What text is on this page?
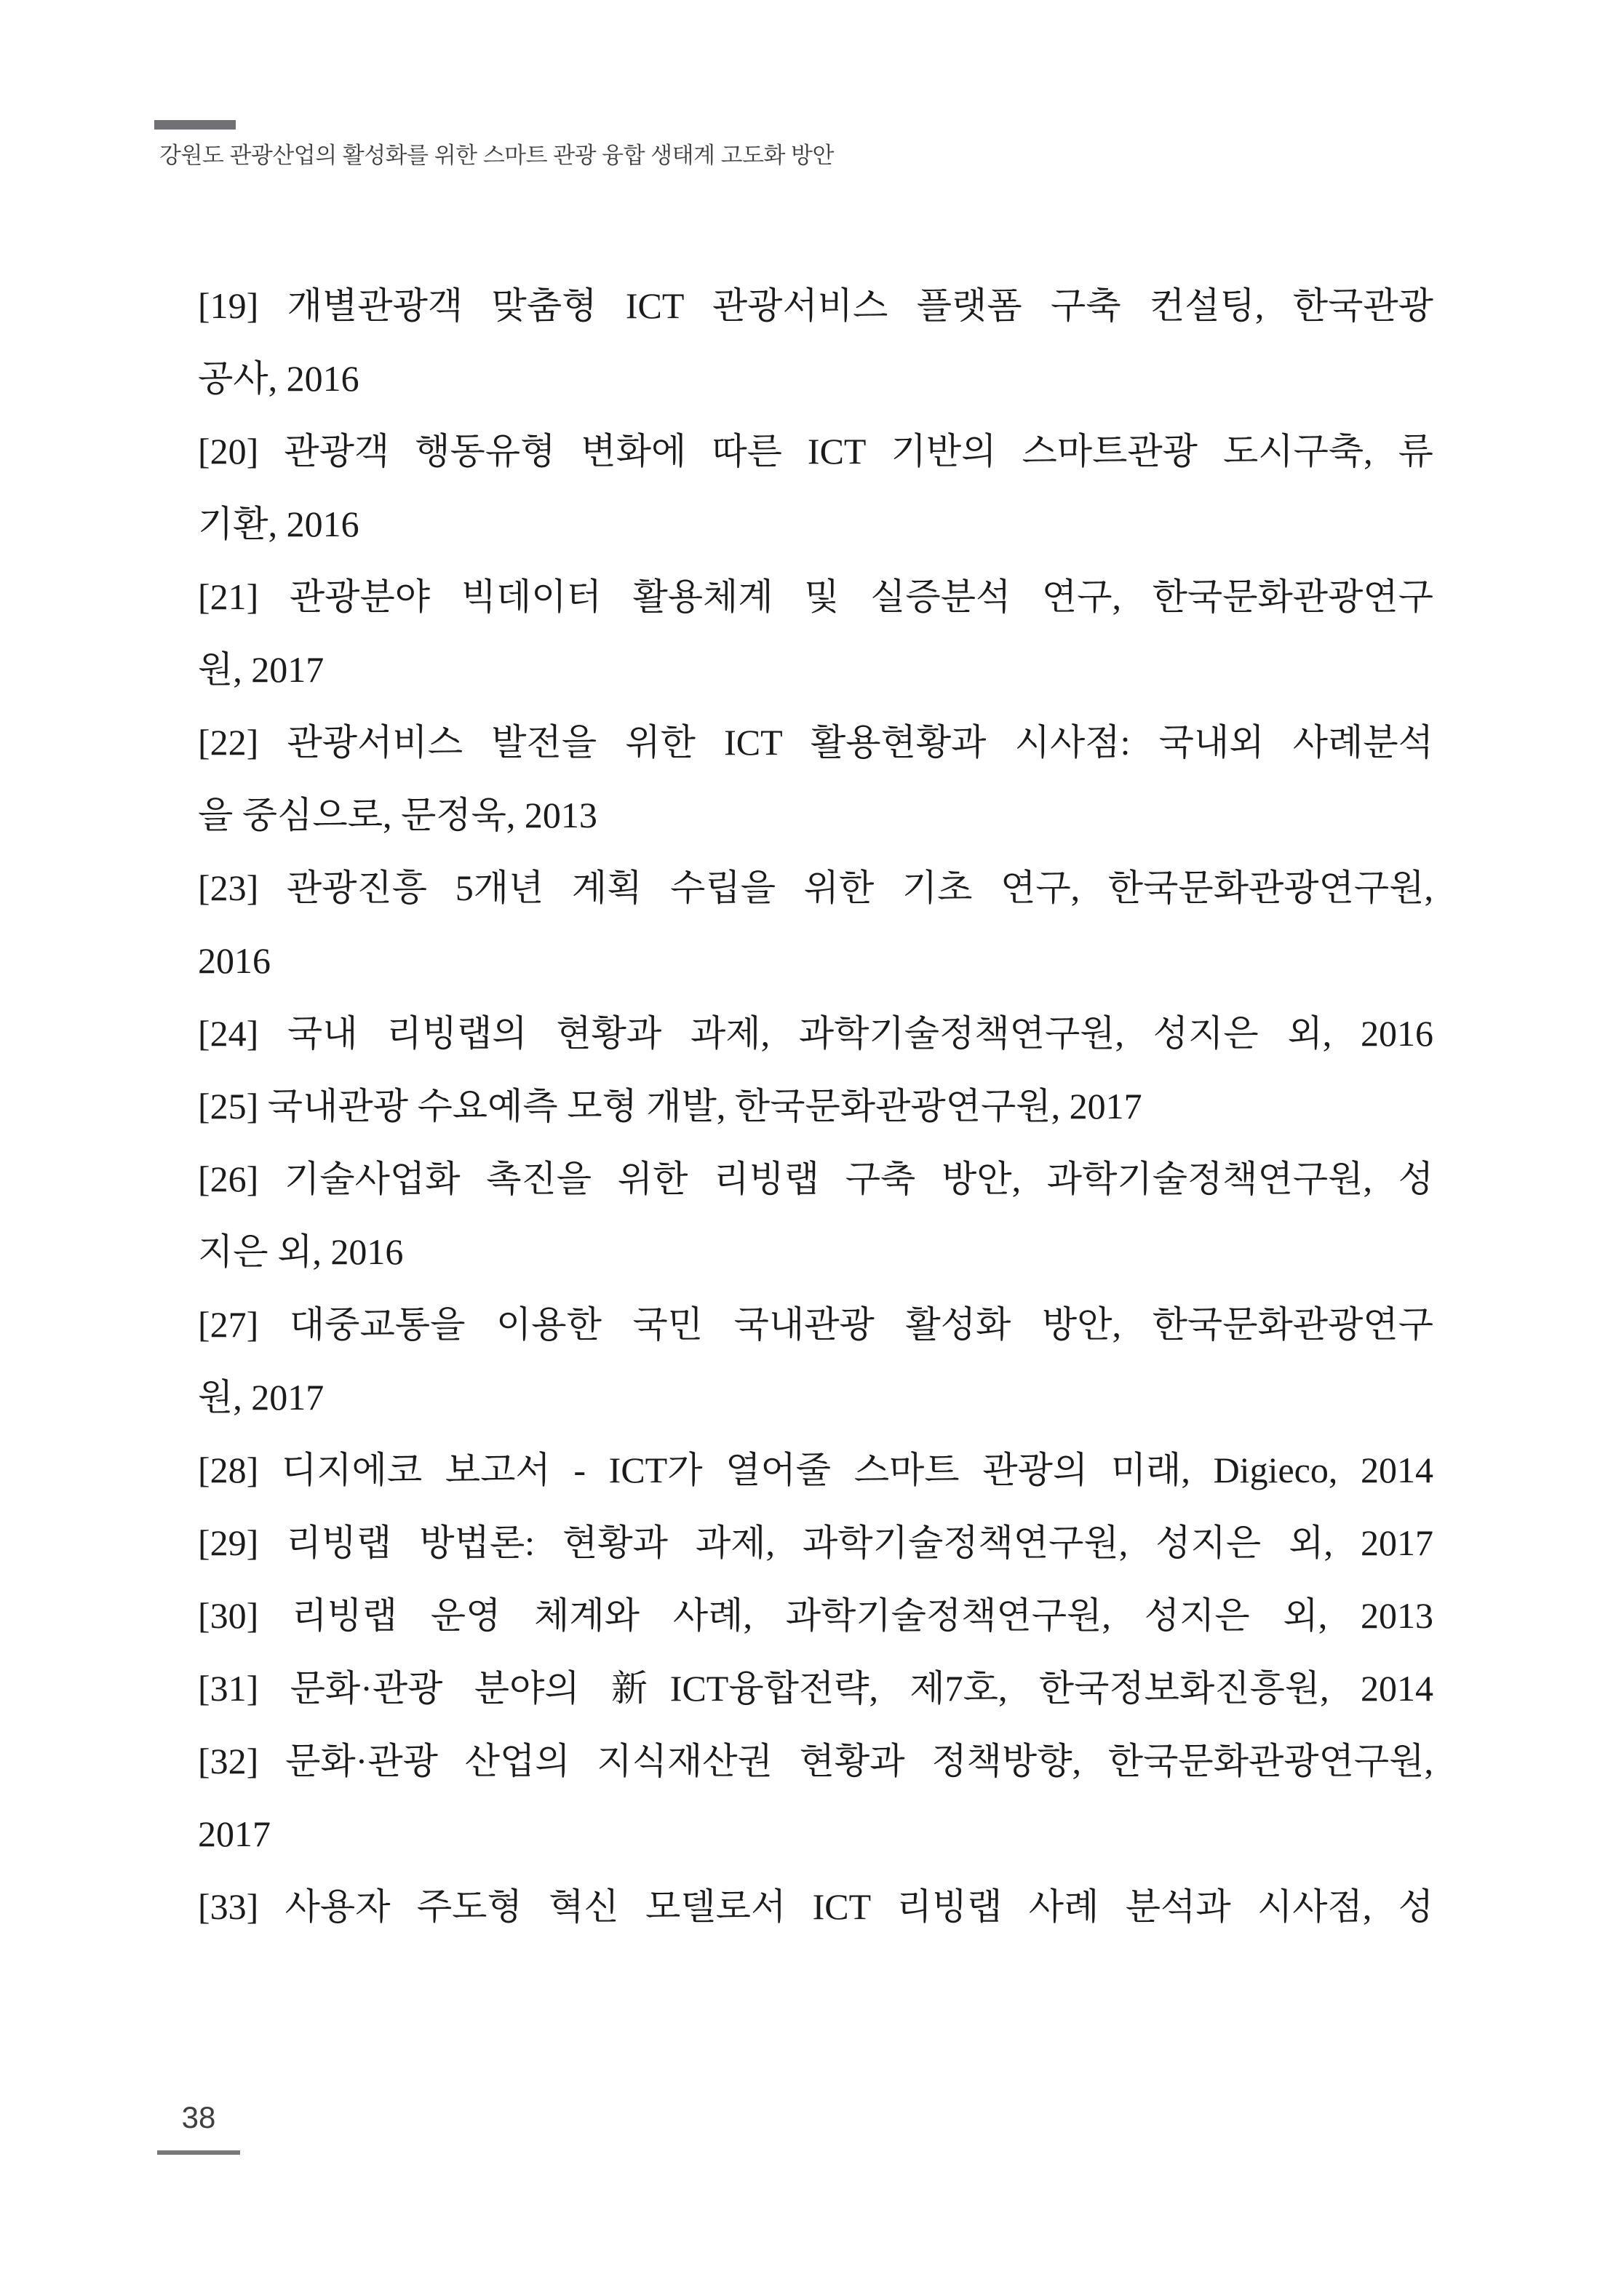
강원도 관광산업의 활성화를 위한 스마트 관광 융합 생태계 고도화 방안
[19] 개별관광객 맞춤형 ICT 관광서비스 플랫폼 구축 컨설팅, 한국관광
공사, 2016
[20] 관광객 행동유형 변화에 따른 ICT 기반의 스마트관광 도시구축, 류
기환, 2016
[21] 관광분야 빅데이터 활용체계 및 실증분석 연구, 한국문화관광연구
원, 2017
[22] 관광서비스 발전을 위한 ICT 활용현황과 시사점: 국내외 사례분석
을 중심으로, 문정욱, 2013
[23] 관광진흥 5개년 계획 수립을 위한 기초 연구, 한국문화관광연구원,
2016
[24] 국내 리빙랩의 현황과 과제, 과학기술정책연구원, 성지은 외, 2016
[25] 국내관광 수요예측 모형 개발, 한국문화관광연구원, 2017
[26] 기술사업화 촉진을 위한 리빙랩 구축 방안, 과학기술정책연구원, 성
지은 외, 2016
[27] 대중교통을 이용한 국민 국내관광 활성화 방안, 한국문화관광연구
원, 2017
[28] 디지에코 보고서 - ICT가 열어줄 스마트 관광의 미래, Digieco, 2014
[29] 리빙랩 방법론: 현황과 과제, 과학기술정책연구원, 성지은 외, 2017
[30] 리빙랩 운영 체계와 사례, 과학기술정책연구원, 성지은 외, 2013
[31] 문화·관광 분야의 新ICT융합전략, 제7호, 한국정보화진흥원, 2014
[32] 문화·관광 산업의 지식재산권 현황과 정책방향, 한국문화관광연구원,
2017
[33] 사용자 주도형 혁신 모델로서 ICT 리빙랩 사례 분석과 시사점, 성
38
